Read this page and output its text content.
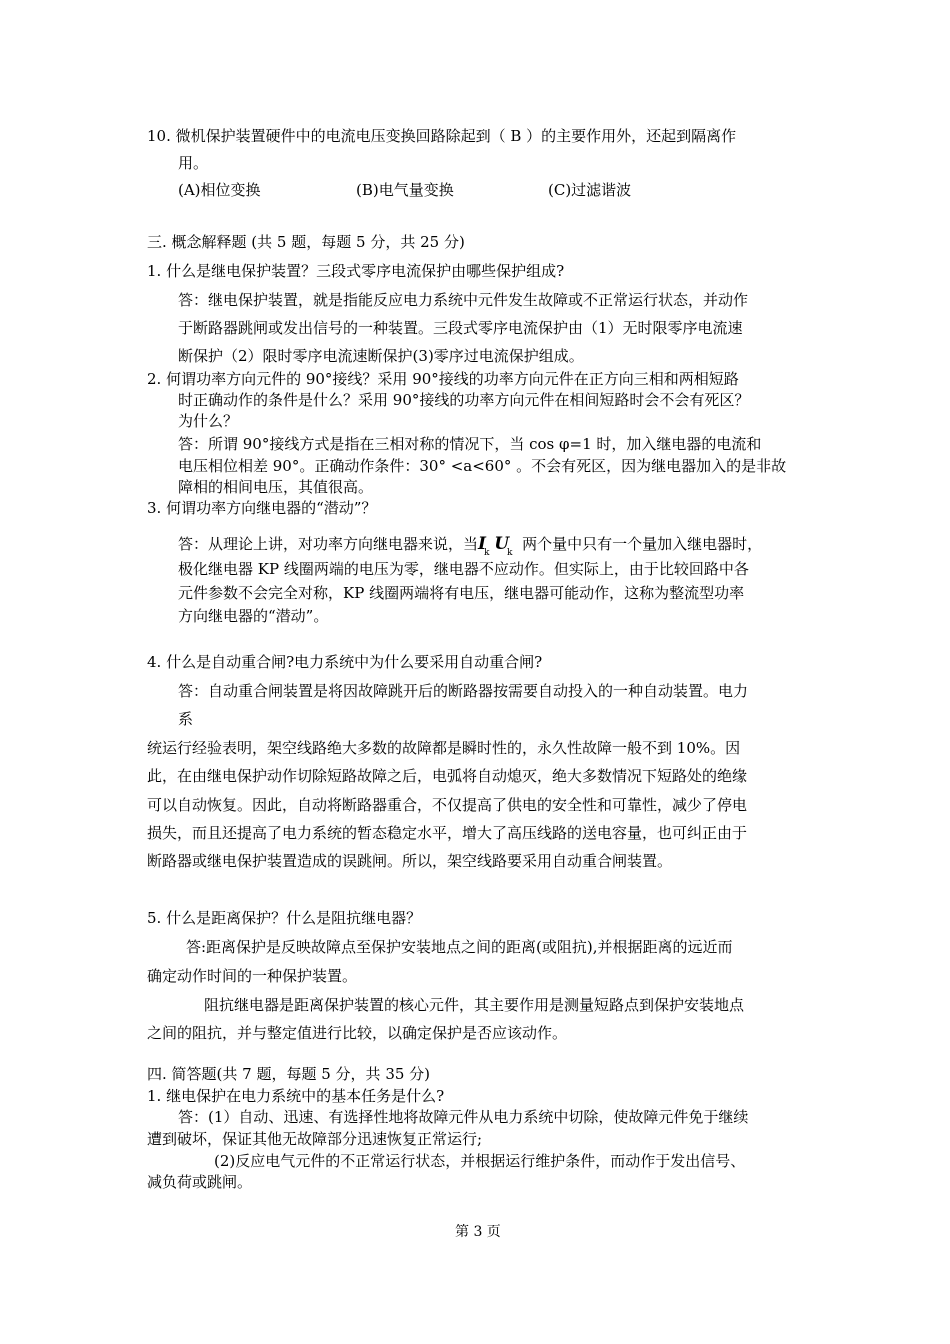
10. 微机保护装置硬件中的电流电压变换回路除起到（ B ）的主要作用外，还起到隔离作
用。
(A)相位变换	(B)电气量变换	(C)过滤谐波
三. 概念解释题 (共 5 题，每题 5 分，共 25 分)
1. 什么是继电保护装置？三段式零序电流保护由哪些保护组成?
答：继电保护装置，就是指能反应电力系统中元件发生故障或不正常运行状态，并动作
于断路器跳闸或发出信号的一种装置。三段式零序电流保护由（1）无时限零序电流速
断保护（2）限时零序电流速断保护(3)零序过电流保护组成。
2. 何谓功率方向元件的 90°接线？采用 90°接线的功率方向元件在正方向三相和两相短路
时正确动作的条件是什么？采用 90°接线的功率方向元件在相间短路时会不会有死区？
为什么？
答：所谓 90°接线方式是指在三相对称的情况下，当 cos φ=1 时，加入继电器的电流和
电压相位相差 90°。正确动作条件：30° <a<60° 。不会有死区，因为继电器加入的是非故
障相的相间电压，其值很高。
3. 何谓功率方向继电器的“潜动”？
答：从理论上讲，对功率方向继电器来说，当$I_k$ $U_k$ 两个量中只有一个量加入继电器时，
极化继电器 KP 线圈两端的电压为零，继电器不应动作。但实际上，由于比较回路中各
元件参数不会完全对称，KP 线圈两端将有电压，继电器可能动作，这称为整流型功率
方向继电器的“潜动”。
4. 什么是自动重合闸?电力系统中为什么要采用自动重合闸?
答：自动重合闸装置是将因故障跳开后的断路器按需要自动投入的一种自动装置。电力
系
统运行经验表明，架空线路绝大多数的故障都是瞬时性的，永久性故障一般不到 10%。因
此，在由继电保护动作切除短路故障之后，电弧将自动熄灭，绝大多数情况下短路处的绝缘
可以自动恢复。因此，自动将断路器重合，不仅提高了供电的安全性和可靠性，减少了停电
损失，而且还提高了电力系统的暂态稳定水平，增大了高压线路的送电容量，也可纠正由于
断路器或继电保护装置造成的误跳闸。所以，架空线路要采用自动重合闸装置。
5. 什么是距离保护？什么是阻抗继电器？
答:距离保护是反映故障点至保护安装地点之间的距离(或阻抗),并根据距离的远近而
确定动作时间的一种保护装置。
阻抗继电器是距离保护装置的核心元件，其主要作用是测量短路点到保护安装地点
之间的阻抗，并与整定值进行比较，以确定保护是否应该动作。
四. 简答题(共 7 题，每题 5 分，共 35 分)
1. 继电保护在电力系统中的基本任务是什么?
答：(1）自动、迅速、有选择性地将故障元件从电力系统中切除，使故障元件免于继续
遭到破坏，保证其他无故障部分迅速恢复正常运行;
(2)反应电气元件的不正常运行状态，并根据运行维护条件，而动作于发出信号、
减负荷或跳闸。
第 3 页
